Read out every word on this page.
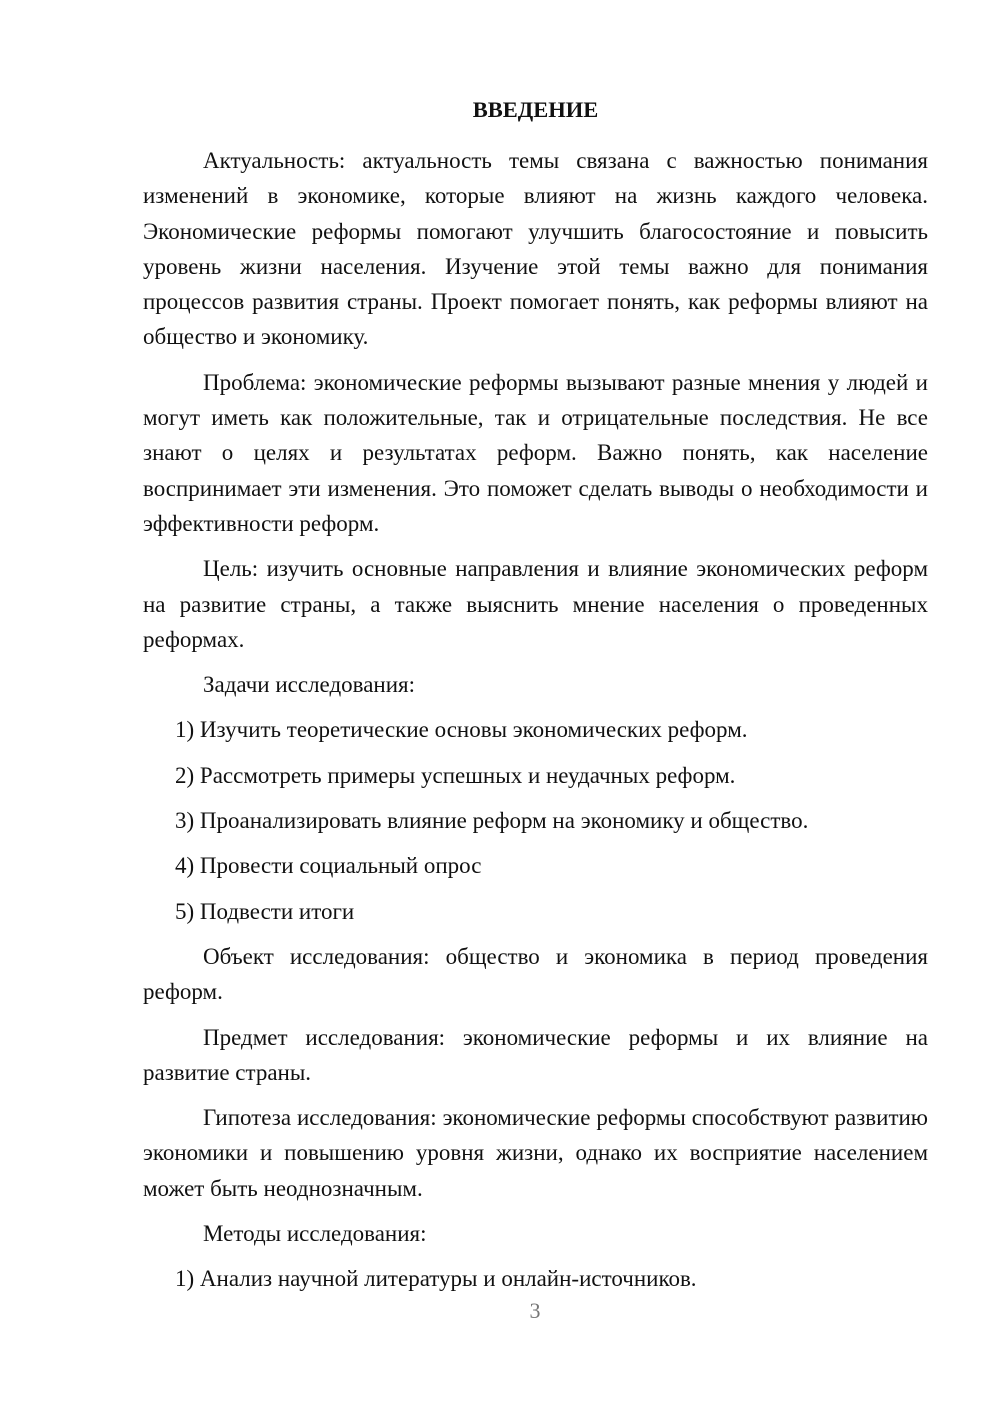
ВВЕДЕНИЕ

Актуальность: актуальность темы связана с важностью понимания изменений в экономике, которые влияют на жизнь каждого человека. Экономические реформы помогают улучшить благосостояние и повысить уровень жизни населения. Изучение этой темы важно для понимания процессов развития страны. Проект помогает понять, как реформы влияют на общество и экономику.

Проблема: экономические реформы вызывают разные мнения у людей и могут иметь как положительные, так и отрицательные последствия. Не все знают о целях и результатах реформ. Важно понять, как население воспринимает эти изменения. Это поможет сделать выводы о необходимости и эффективности реформ.

Цель: изучить основные направления и влияние экономических реформ на развитие страны, а также выяснить мнение населения о проведенных реформах.

Задачи исследования:

1) Изучить теоретические основы экономических реформ.
2) Рассмотреть примеры успешных и неудачных реформ.
3) Проанализировать влияние реформ на экономику и общество.
4) Провести социальный опрос
5) Подвести итоги

Объект исследования: общество и экономика в период проведения реформ.

Предмет исследования: экономические реформы и их влияние на развитие страны.

Гипотеза исследования: экономические реформы способствуют развитию экономики и повышению уровня жизни, однако их восприятие населением может быть неоднозначным.

Методы исследования:

1) Анализ научной литературы и онлайн-источников.
3
